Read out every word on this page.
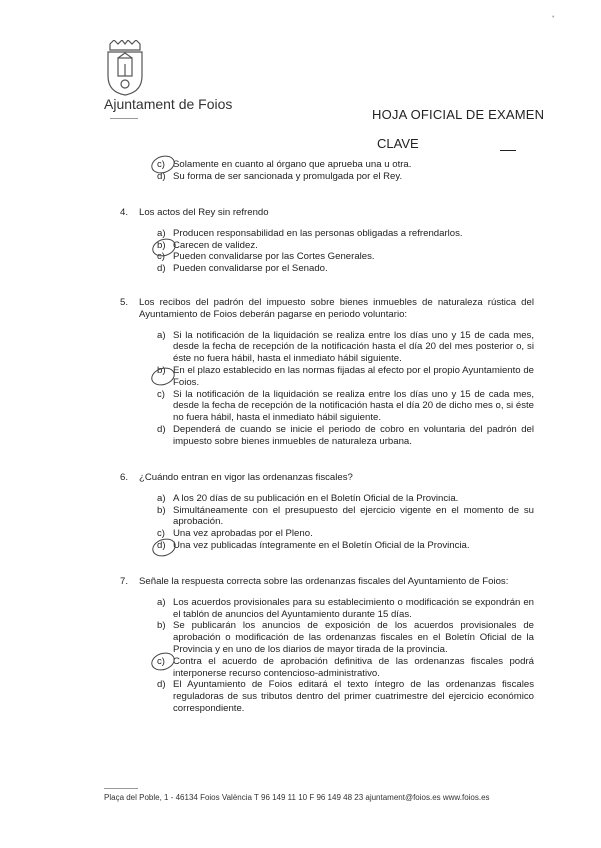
•
Ajuntament de Foios
HOJA OFICIAL DE EXAMEN
CLAVE
c) Solamente en cuanto al órgano que aprueba una u otra.
d) Su forma de ser sancionada y promulgada por el Rey.
4.	Los actos del Rey sin refrendo
a) Producen responsabilidad en las personas obligadas a refrendarlos.
b) Carecen de validez.
c) Pueden convalidarse por las Cortes Generales.
d) Pueden convalidarse por el Senado.
5.	Los recibos del padrón del impuesto sobre bienes inmuebles de naturaleza rústica del Ayuntamiento de Foios deberán pagarse en periodo voluntario:
a) Si la notificación de la liquidación se realiza entre los días uno y 15 de cada mes, desde la fecha de recepción de la notificación hasta el día 20 del mes posterior o, si éste no fuera hábil, hasta el inmediato hábil siguiente.
b) En el plazo establecido en las normas fijadas al efecto por el propio Ayuntamiento de Foios.
c) Si la notificación de la liquidación se realiza entre los días uno y 15 de cada mes, desde la fecha de recepción de la notificación hasta el día 20 de dicho mes o, si éste no fuera hábil, hasta el inmediato hábil siguiente.
d) Dependerá de cuando se inicie el periodo de cobro en voluntaria del padrón del impuesto sobre bienes inmuebles de naturaleza urbana.
6.	¿Cuándo entran en vigor las ordenanzas fiscales?
a) A los 20 días de su publicación en el Boletín Oficial de la Provincia.
b) Simultáneamente con el presupuesto del ejercicio vigente en el momento de su aprobación.
c) Una vez aprobadas por el Pleno.
d) Una vez publicadas íntegramente en el Boletín Oficial de la Provincia.
7.	Señale la respuesta correcta sobre las ordenanzas fiscales del Ayuntamiento de Foios:
a) Los acuerdos provisionales para su establecimiento o modificación se expondrán en el tablón de anuncios del Ayuntamiento durante 15 días.
b) Se publicarán los anuncios de exposición de los acuerdos provisionales de aprobación o modificación de las ordenanzas fiscales en el Boletín Oficial de la Provincia y en uno de los diarios de mayor tirada de la provincia.
c) Contra el acuerdo de aprobación definitiva de las ordenanzas fiscales podrá interponerse recurso contencioso-administrativo.
d) El Ayuntamiento de Foios editará el texto íntegro de las ordenanzas fiscales reguladoras de sus tributos dentro del primer cuatrimestre del ejercicio económico correspondiente.
Plaça del Poble, 1 - 46134 Foios València T 96 149 11 10 F 96 149 48 23 ajuntament@foios.es www.foios.es
